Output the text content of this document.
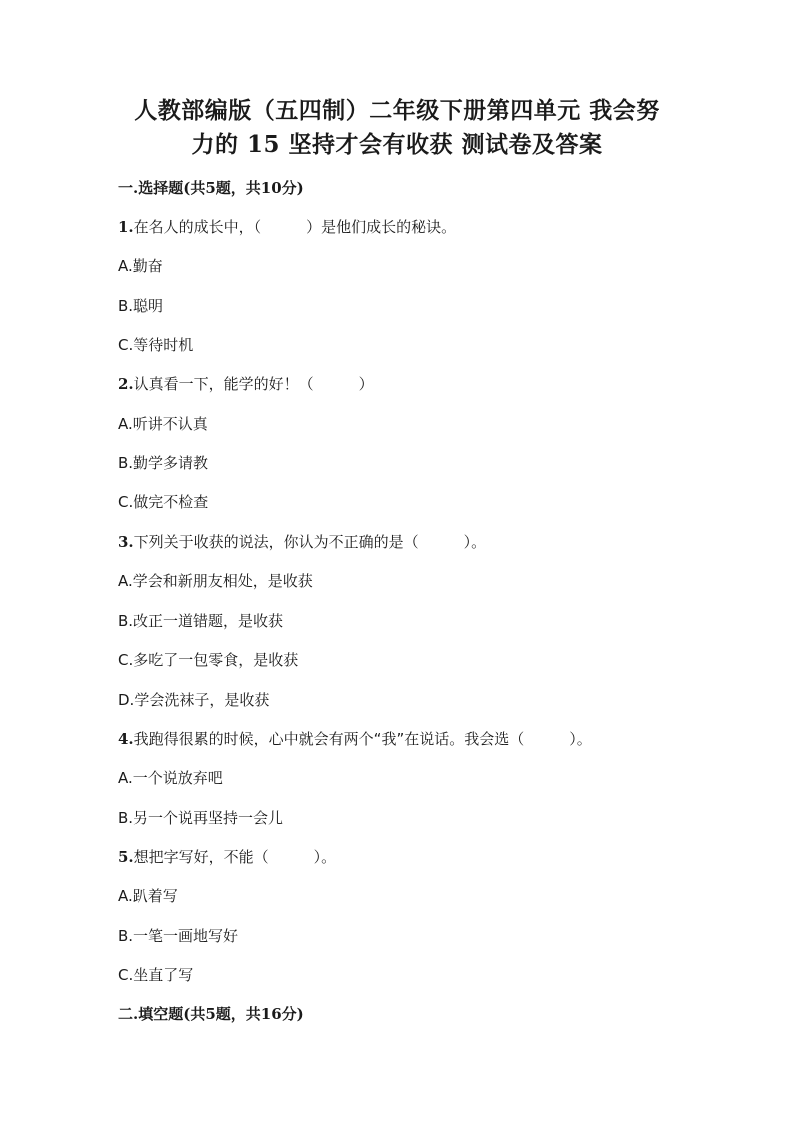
人教部编版（五四制）二年级下册第四单元 我会努
力的 15 坚持才会有收获 测试卷及答案
一.选择题(共5题，共10分)
1.在名人的成长中，（　　　）是他们成长的秘诀。
A.勤奋
B.聪明
C.等待时机
2.认真看一下，能学的好！（　　　）
A.听讲不认真
B.勤学多请教
C.做完不检查
3.下列关于收获的说法，你认为不正确的是（　　　）。
A.学会和新朋友相处，是收获
B.改正一道错题，是收获
C.多吃了一包零食，是收获
D.学会洗袜子，是收获
4.我跑得很累的时候，心中就会有两个“我”在说话。我会选（　　　）。
A.一个说放弃吧
B.另一个说再坚持一会儿
5.想把字写好，不能（　　　）。
A.趴着写
B.一笔一画地写好
C.坐直了写
二.填空题(共5题，共16分)
